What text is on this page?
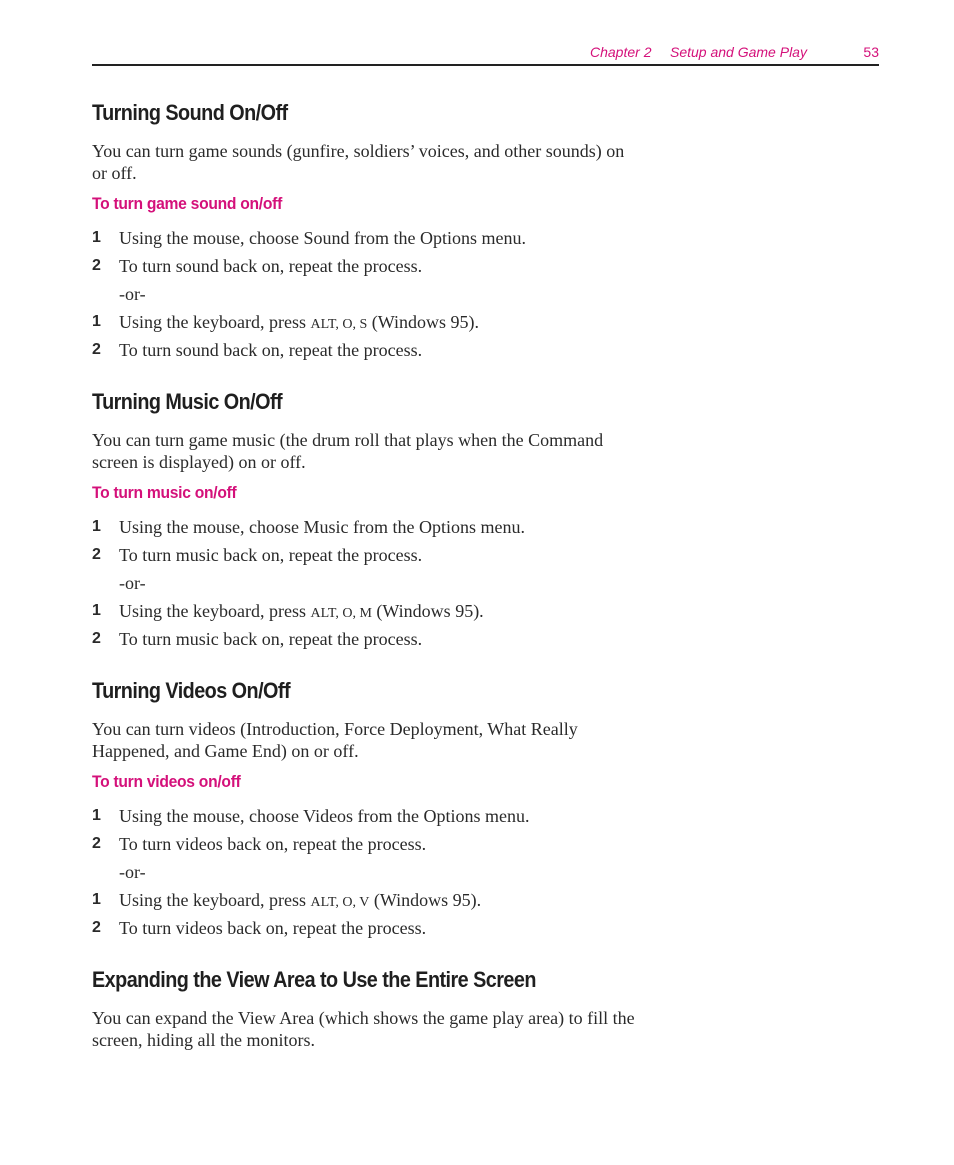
Chapter 2 Setup and Game Play	53
Turning Sound On/Off

You can turn game sounds (gunfire, soldiers’ voices, and other sounds) on or off.

To turn game sound on/off
1 Using the mouse, choose Sound from the Options menu.
2 To turn sound back on, repeat the process.
-or-
1 Using the keyboard, press ALT, O, S (Windows 95).
2 To turn sound back on, repeat the process.
Turning Music On/Off

You can turn game music (the drum roll that plays when the Command screen is displayed) on or off.

To turn music on/off
1 Using the mouse, choose Music from the Options menu.
2 To turn music back on, repeat the process.
-or-
1 Using the keyboard, press ALT, O, M (Windows 95).
2 To turn music back on, repeat the process.
Turning Videos On/Off

You can turn videos (Introduction, Force Deployment, What Really Happened, and Game End) on or off.

To turn videos on/off
1 Using the mouse, choose Videos from the Options menu.
2 To turn videos back on, repeat the process.
-or-
1 Using the keyboard, press ALT, O, V (Windows 95).
2 To turn videos back on, repeat the process.
Expanding the View Area to Use the Entire Screen

You can expand the View Area (which shows the game play area) to fill the screen, hiding all the monitors.
